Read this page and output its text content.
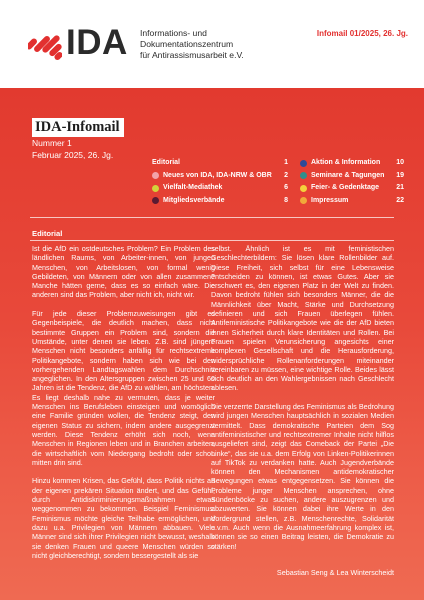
IDA Informations- und
Dokumentationszentrum
für Antirassismusarbeit e.V.
Infomail 01/2025, 26. Jg.
IDA-Infomail
Nummer 1
Februar 2025, 26. Jg.
Editorial	1
Neues von IDA, IDA-NRW & OBR 2
Vielfalt-Mediathek	6
Mitgliedsverbände	8
Aktion & Information 10
Seminare & Tagungen 19
Feier- & Gedenktage 21
Impressum	22
Editorial

Ist die AfD ein ostdeutsches Problem? Ein Problem des ländlichen Raums, von Arbeiter-innen, von jungen Menschen, von Arbeitslosen, von formal wenig Gebildeten, von Männern oder von allen zusammen? Manche hätten gerne, dass es so einfach wäre. Die anderen sind das Problem, aber nicht ich, nicht wir.

Für jede dieser Problemzuweisungen gibt es Gegenbeispiele, die deutlich machen, dass nicht bestimmte Gruppen ein Problem sind, sondern die Umstände, unter denen sie leben. Z.B. sind jüngere Menschen nicht besonders anfällig für rechtsextreme Politikangebote, sondern haben sich wie bei den vorhergehenden Landtagswahlen dem Durchschnitt angeglichen. In den Altersgruppen zwischen 25 und 60 Jahren ist die Tendenz, die AfD zu wählen, am höchsten. Es liegt deshalb nahe zu vermuten, dass je weiter Menschen ins Berufsleben einsteigen und womöglich eine Familie gründen wollen, die Tendenz steigt, den eigenen Status zu sichern, indem andere ausgegrenzt werden. Diese Tendenz erhöht sich noch, wenn Menschen in Regionen leben und in Branchen arbeiten, die wirtschaftlich vom Niedergang bedroht oder schon mitten drin sind.

Hinzu kommen Krisen, das Gefühl, dass Politik nichts an der eigenen prekären Situation ändert, und das Gefühl, durch Antidiskriminierungsmaßnahmen etwas weggenommen zu bekommen. Beispiel Feminismus: Feminismus möchte gleiche Teilhabe ermöglichen, und dazu u.a. Privilegien von Männern abbauen. Viele Männer sind sich ihrer Privilegien nicht bewusst, weshalb sie denken Frauen und queere Menschen würden so nicht gleichberechtigt, sondern bessergestellt als sie

selbst. Ähnlich ist es mit feministischen Geschlechterbildern: Sie lösen klare Rollenbilder auf. Diese Freiheit, sich selbst für eine Lebensweise entscheiden zu können, ist etwas Gutes. Aber sie erschwert es, den eigenen Platz in der Welt zu finden. Davon bedroht fühlen sich besonders Männer, die die Männlichkeit über Macht, Stärke und Durchsetzung definieren und sich Frauen überlegen fühlen. Antifeministische Politikangebote wie die der AfD bieten ihnen Sicherheit durch klare Identitäten und Rollen. Bei Frauen spielen Verunsicherung angesichts einer komplexen Gesellschaft und die Herausforderung, widersprüchliche Rollenanforderungen miteinander vereinbaren zu müssen, eine wichtige Rolle. Beides lässt sich deutlich an den Wahlergebnissen nach Geschlecht ablesen.

Die verzerrte Darstellung des Feminismus als Bedrohung wird jungen Menschen hauptsächlich in sozialen Medien vermittelt. Dass demokratische Parteien dem Sog antifeministischer und rechtsextremer Inhalte nicht hilflos ausgeliefert sind, zeigt das Comeback der Partei „Die Linke“, das sie u.a. dem Erfolg von Linken-Politikerinnen auf TikTok zu verdanken hatte. Auch Jugendverbände können den Mechanismen antidemokratischer Bewegungen etwas entgegensetzen. Sie können die Probleme junger Menschen ansprechen, ohne Sündenböcke zu suchen, andere auszugrenzen und abzuwerten. Sie können dabei ihre Werte in den Vordergrund stellen, z.B. Menschenrechte, Solidarität u.v.m. Auch wenn die Ausnahmeerfahrung komplex ist, können sie so einen Beitrag leisten, die Demokratie zu stärken!

Sebastian Seng & Lea Winterscheidt
